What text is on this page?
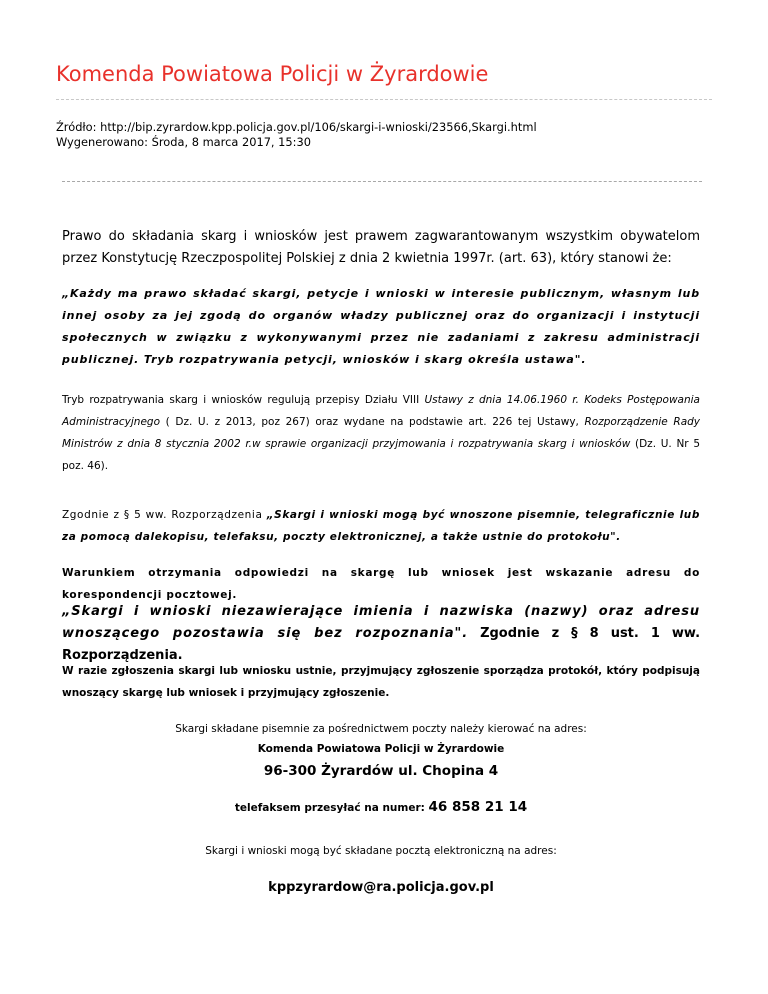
Komenda Powiatowa Policji w Żyrardowie
Źródło: http://bip.zyrardow.kpp.policja.gov.pl/106/skargi-i-wnioski/23566,Skargi.html
Wygenerowano: Środa, 8 marca 2017, 15:30

Prawo do składania skarg i wniosków jest prawem zagwarantowanym wszystkim obywatelom przez Konstytucję Rzeczpospolitej Polskiej z dnia 2 kwietnia 1997r. (art. 63), który stanowi że:

„Każdy ma prawo składać skargi, petycje i wnioski w interesie publicznym, własnym lub innej osoby za jej zgodą do organów władzy publicznej oraz do organizacji i instytucji społecznych w związku z wykonywanymi przez nie zadaniami z zakresu administracji publicznej. Tryb rozpatrywania petycji, wniosków i skarg określa ustawa".

Tryb rozpatrywania skarg i wniosków regulują przepisy Działu VIII Ustawy z dnia 14.06.1960 r. Kodeks Postępowania Administracyjnego ( Dz. U. z 2013, poz 267) oraz wydane na podstawie art. 226 tej Ustawy, Rozporządzenie Rady Ministrów z dnia 8 stycznia 2002 r.w sprawie organizacji przyjmowania i rozpatrywania skarg i wniosków (Dz. U. Nr 5 poz. 46).

Zgodnie z § 5 ww. Rozporządzenia „Skargi i wnioski mogą być wnoszone pisemnie, telegraficznie lub za pomocą dalekopisu, telefaksu, poczty elektronicznej, a także ustnie do protokołu".

Warunkiem otrzymania odpowiedzi na skargę lub wniosek jest wskazanie adresu do korespondencji pocztowej.

„Skargi i wnioski niezawierające imienia i nazwiska (nazwy) oraz adresu wnoszącego pozostawia się bez rozpoznania". Zgodnie z § 8 ust. 1 ww. Rozporządzenia.

W razie zgłoszenia skargi lub wniosku ustnie, przyjmujący zgłoszenie sporządza protokół, który podpisują wnoszący skargę lub wniosek i przyjmujący zgłoszenie.

Skargi składane pisemnie za pośrednictwem poczty należy kierować na adres:

Komenda Powiatowa Policji w Żyrardowie

96-300 Żyrardów ul. Chopina 4

telefaksem przesyłać na numer: 46 858 21 14

Skargi i wnioski mogą być składane pocztą elektroniczną na adres:

kppzyrardow@ra.policja.gov.pl
